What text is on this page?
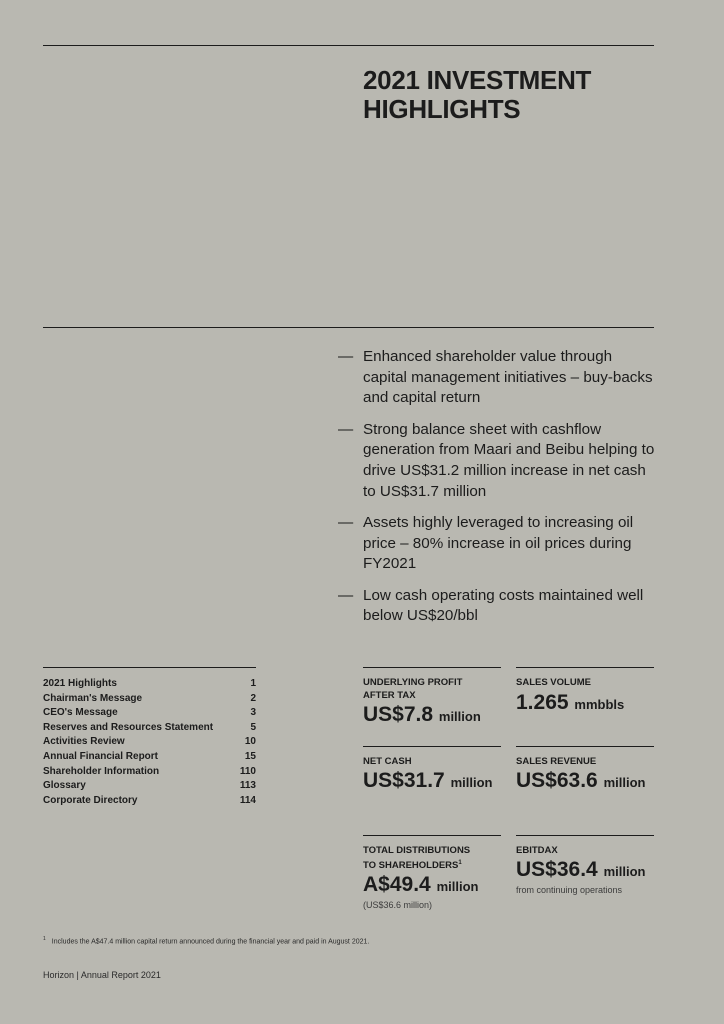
2021 INVESTMENT
HIGHLIGHTS
— Enhanced shareholder value through capital management initiatives – buy-backs and capital return
— Strong balance sheet with cashflow generation from Maari and Beibu helping to drive US$31.2 million increase in net cash to US$31.7 million
— Assets highly leveraged to increasing oil price – 80% increase in oil prices during FY2021
— Low cash operating costs maintained well below US$20/bbl
2021 Highlights	1
Chairman's Message	2
CEO's Message	3
Reserves and Resources Statement	5
Activities Review	10
Annual Financial Report	15
Shareholder Information	110
Glossary	113
Corporate Directory	114
UNDERLYING PROFIT
AFTER TAX
US$7.8 million
SALES VOLUME
1.265 mmbbls
NET CASH
US$31.7 million
SALES REVENUE
US$63.6 million
TOTAL DISTRIBUTIONS
TO SHAREHOLDERS$^1$
A$49.4 million
(US$36.6 million)
EBITDAX
US$36.4 million
from continuing operations
$^1$ Includes the A$47.4 million capital return announced during the financial year and paid in August 2021.
Horizon | Annual Report 2021
